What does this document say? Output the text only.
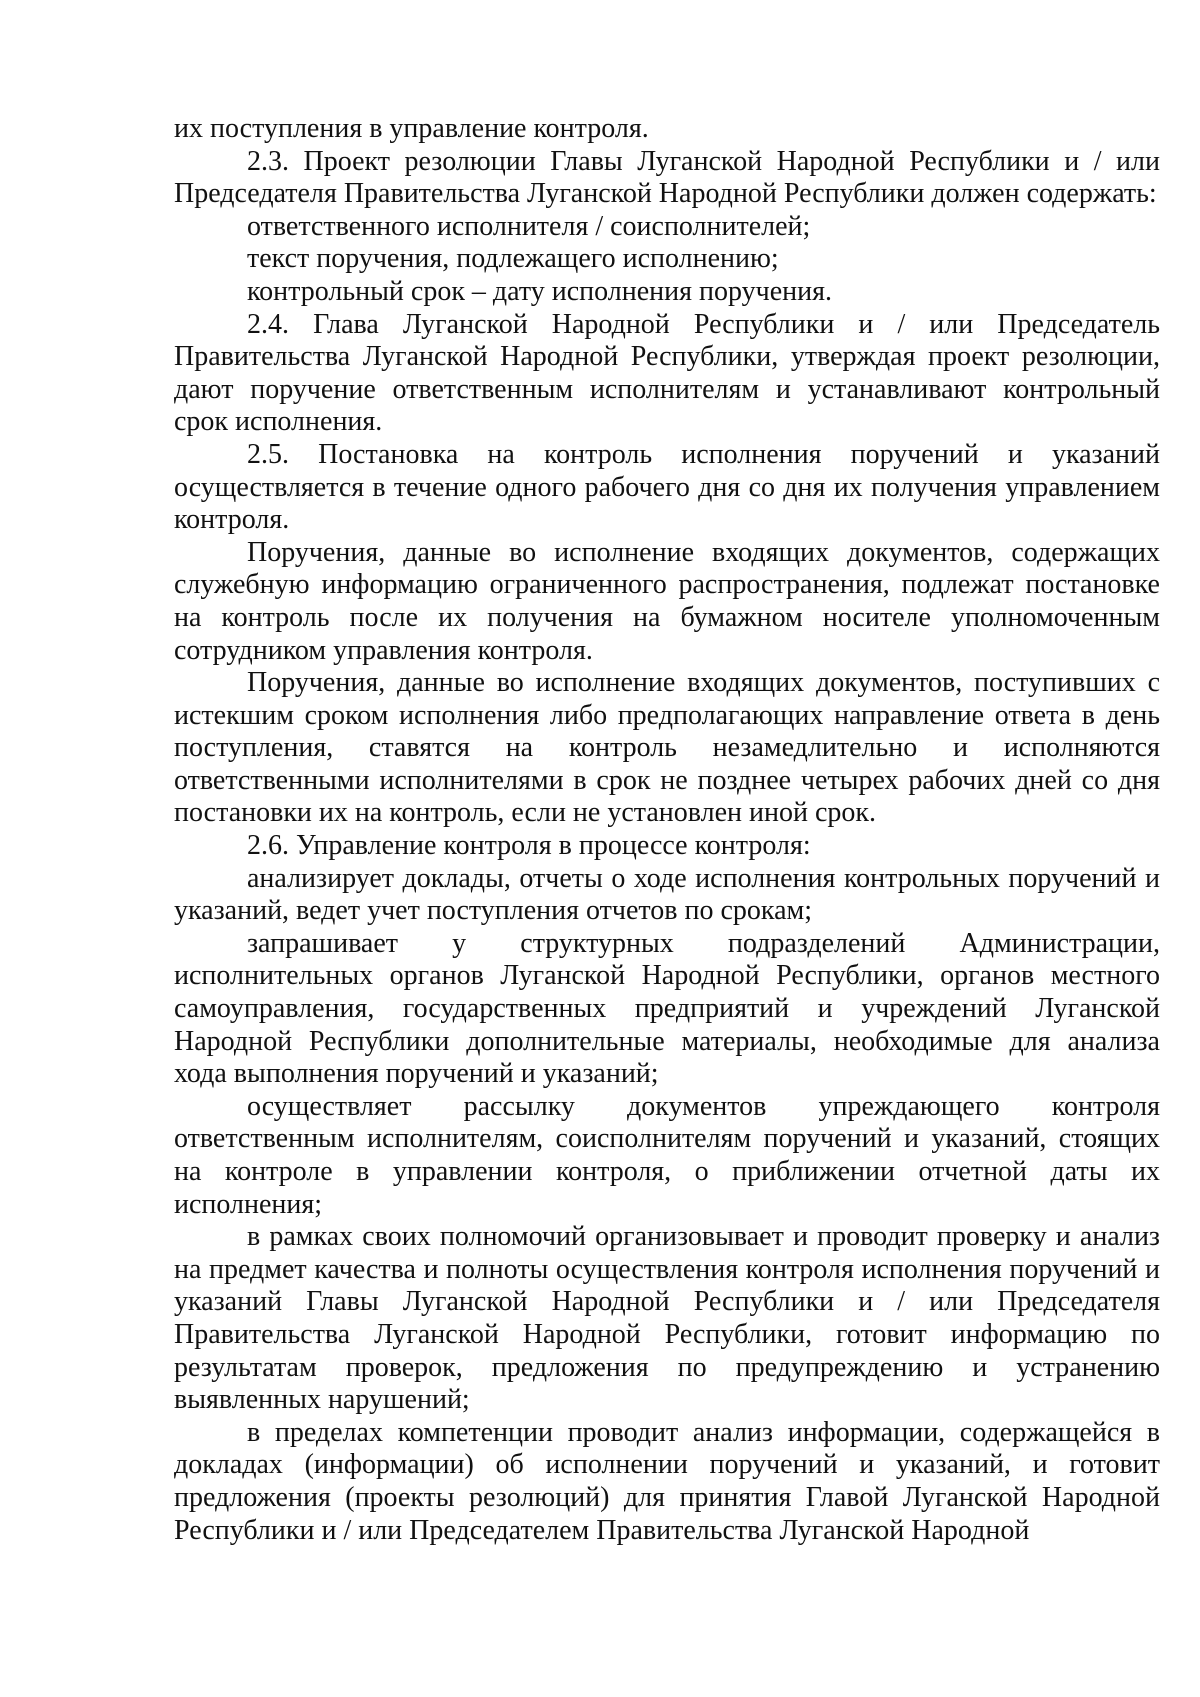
их поступления в управление контроля.

2.3. Проект резолюции Главы Луганской Народной Республики и / или Председателя Правительства Луганской Народной Республики должен содержать:

ответственного исполнителя / соисполнителей;

текст поручения, подлежащего исполнению;

контрольный срок – дату исполнения поручения.

2.4. Глава Луганской Народной Республики и / или Председатель Правительства Луганской Народной Республики, утверждая проект резолюции, дают поручение ответственным исполнителям и устанавливают контрольный срок исполнения.

2.5. Постановка на контроль исполнения поручений и указаний осуществляется в течение одного рабочего дня со дня их получения управлением контроля.

Поручения, данные во исполнение входящих документов, содержащих служебную информацию ограниченного распространения, подлежат постановке на контроль после их получения на бумажном носителе уполномоченным сотрудником управления контроля.

Поручения, данные во исполнение входящих документов, поступивших с истекшим сроком исполнения либо предполагающих направление ответа в день поступления, ставятся на контроль незамедлительно и исполняются ответственными исполнителями в срок не позднее четырех рабочих дней со дня постановки их на контроль, если не установлен иной срок.

2.6. Управление контроля в процессе контроля:

анализирует доклады, отчеты о ходе исполнения контрольных поручений и указаний, ведет учет поступления отчетов по срокам;

запрашивает у структурных подразделений Администрации, исполнительных органов Луганской Народной Республики, органов местного самоуправления, государственных предприятий и учреждений Луганской Народной Республики дополнительные материалы, необходимые для анализа хода выполнения поручений и указаний;

осуществляет рассылку документов упреждающего контроля ответственным исполнителям, соисполнителям поручений и указаний, стоящих на контроле в управлении контроля, о приближении отчетной даты их исполнения;

в рамках своих полномочий организовывает и проводит проверку и анализ на предмет качества и полноты осуществления контроля исполнения поручений и указаний Главы Луганской Народной Республики и / или Председателя Правительства Луганской Народной Республики, готовит информацию по результатам проверок, предложения по предупреждению и устранению выявленных нарушений;

в пределах компетенции проводит анализ информации, содержащейся в докладах (информации) об исполнении поручений и указаний, и готовит предложения (проекты резолюций) для принятия Главой Луганской Народной Республики и / или Председателем Правительства Луганской Народной
